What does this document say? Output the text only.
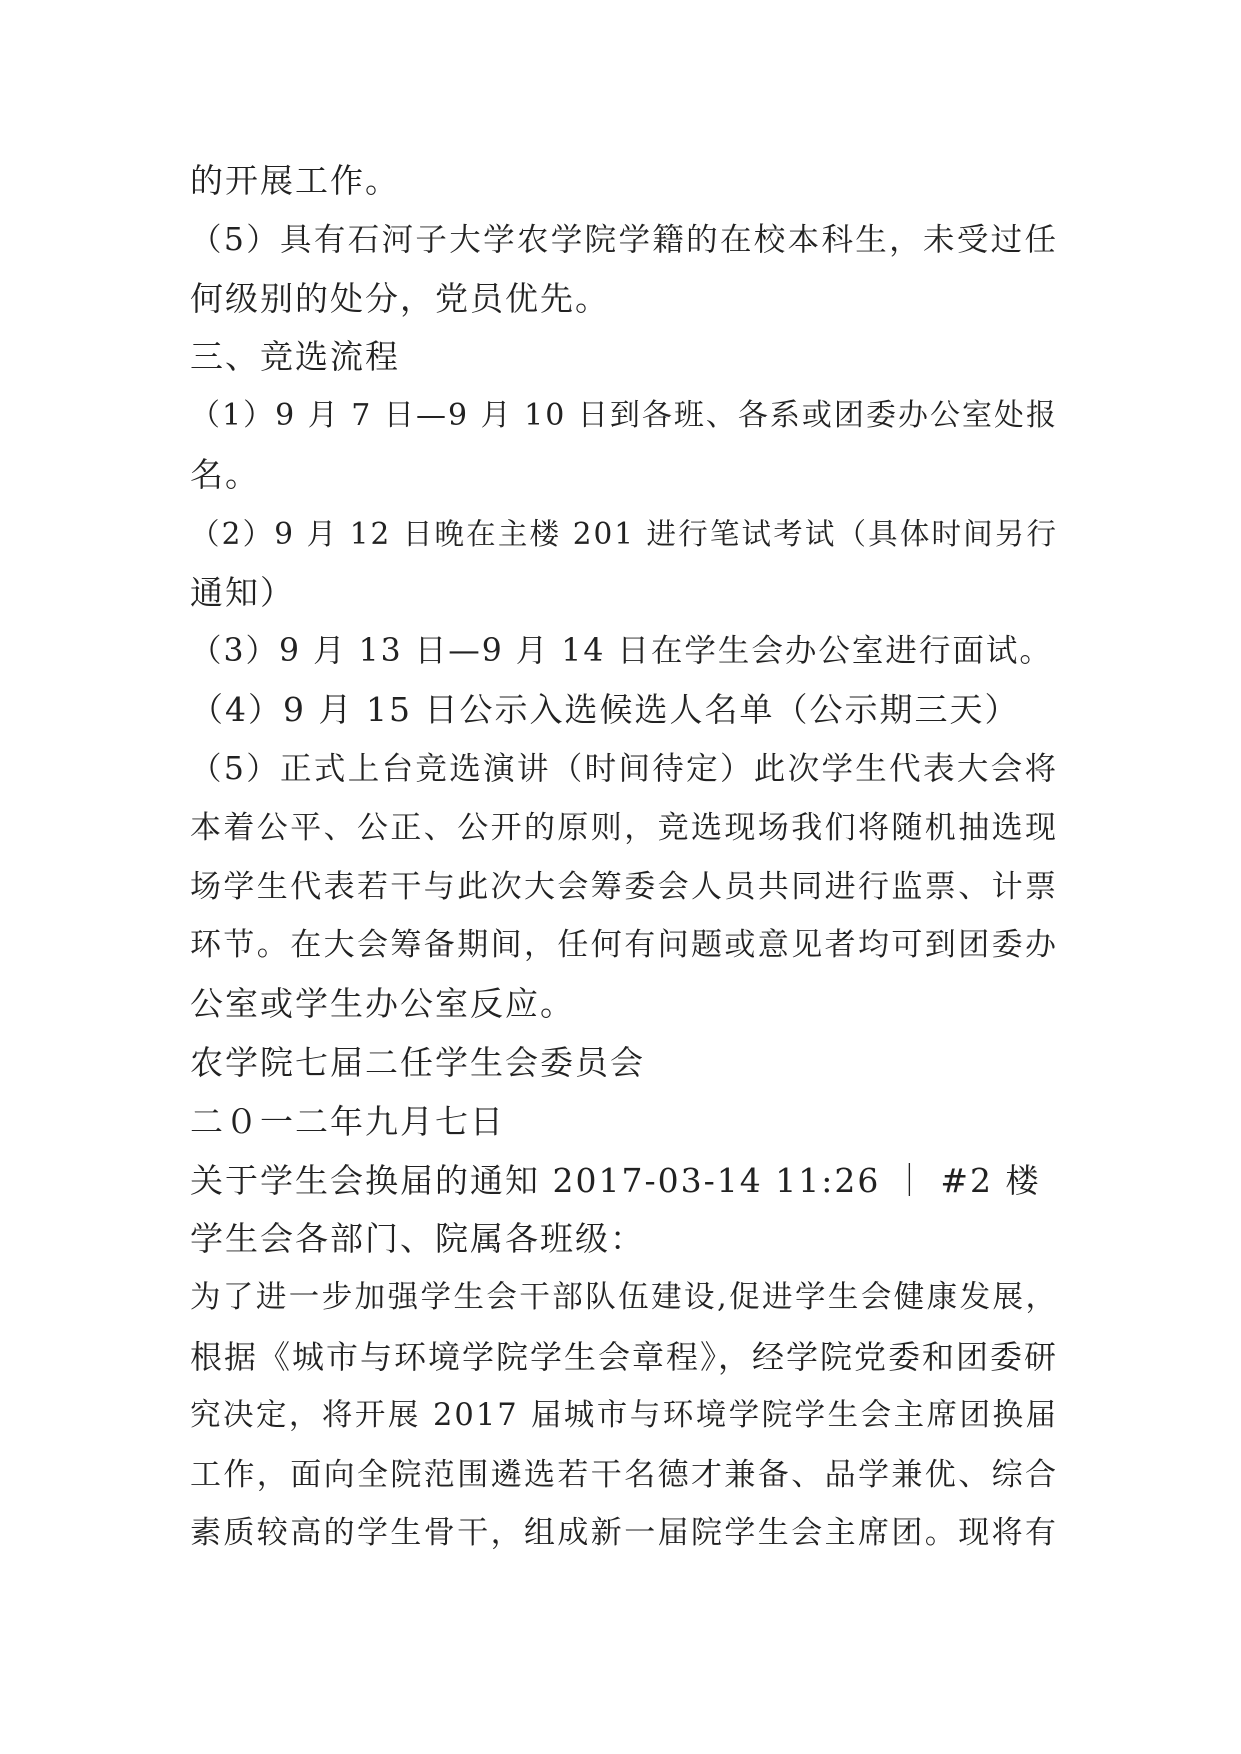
的开展工作。
（5）具有石河子大学农学院学籍的在校本科生，未受过任
何级别的处分，党员优先。
三、竞选流程
（1）9 月 7 日—9 月 10 日到各班、各系或团委办公室处报
名。
（2）9 月 12 日晚在主楼 201 进行笔试考试（具体时间另行
通知）
（3）9 月 13 日—9 月 14 日在学生会办公室进行面试。
（4）9 月 15 日公示入选候选人名单（公示期三天）
（5）正式上台竞选演讲（时间待定）此次学生代表大会将
本着公平、公正、公开的原则，竞选现场我们将随机抽选现
场学生代表若干与此次大会筹委会人员共同进行监票、计票
环节。在大会筹备期间，任何有问题或意见者均可到团委办
公室或学生办公室反应。
农学院七届二任学生会委员会
二０一二年九月七日
关于学生会换届的通知 2017-03-14 11:26 ｜ #2 楼
学生会各部门、院属各班级：
为了进一步加强学生会干部队伍建设,促进学生会健康发展，
根据《城市与环境学院学生会章程》，经学院党委和团委研
究决定，将开展 2017 届城市与环境学院学生会主席团换届
工作，面向全院范围遴选若干名德才兼备、品学兼优、综合
素质较高的学生骨干，组成新一届院学生会主席团。现将有
